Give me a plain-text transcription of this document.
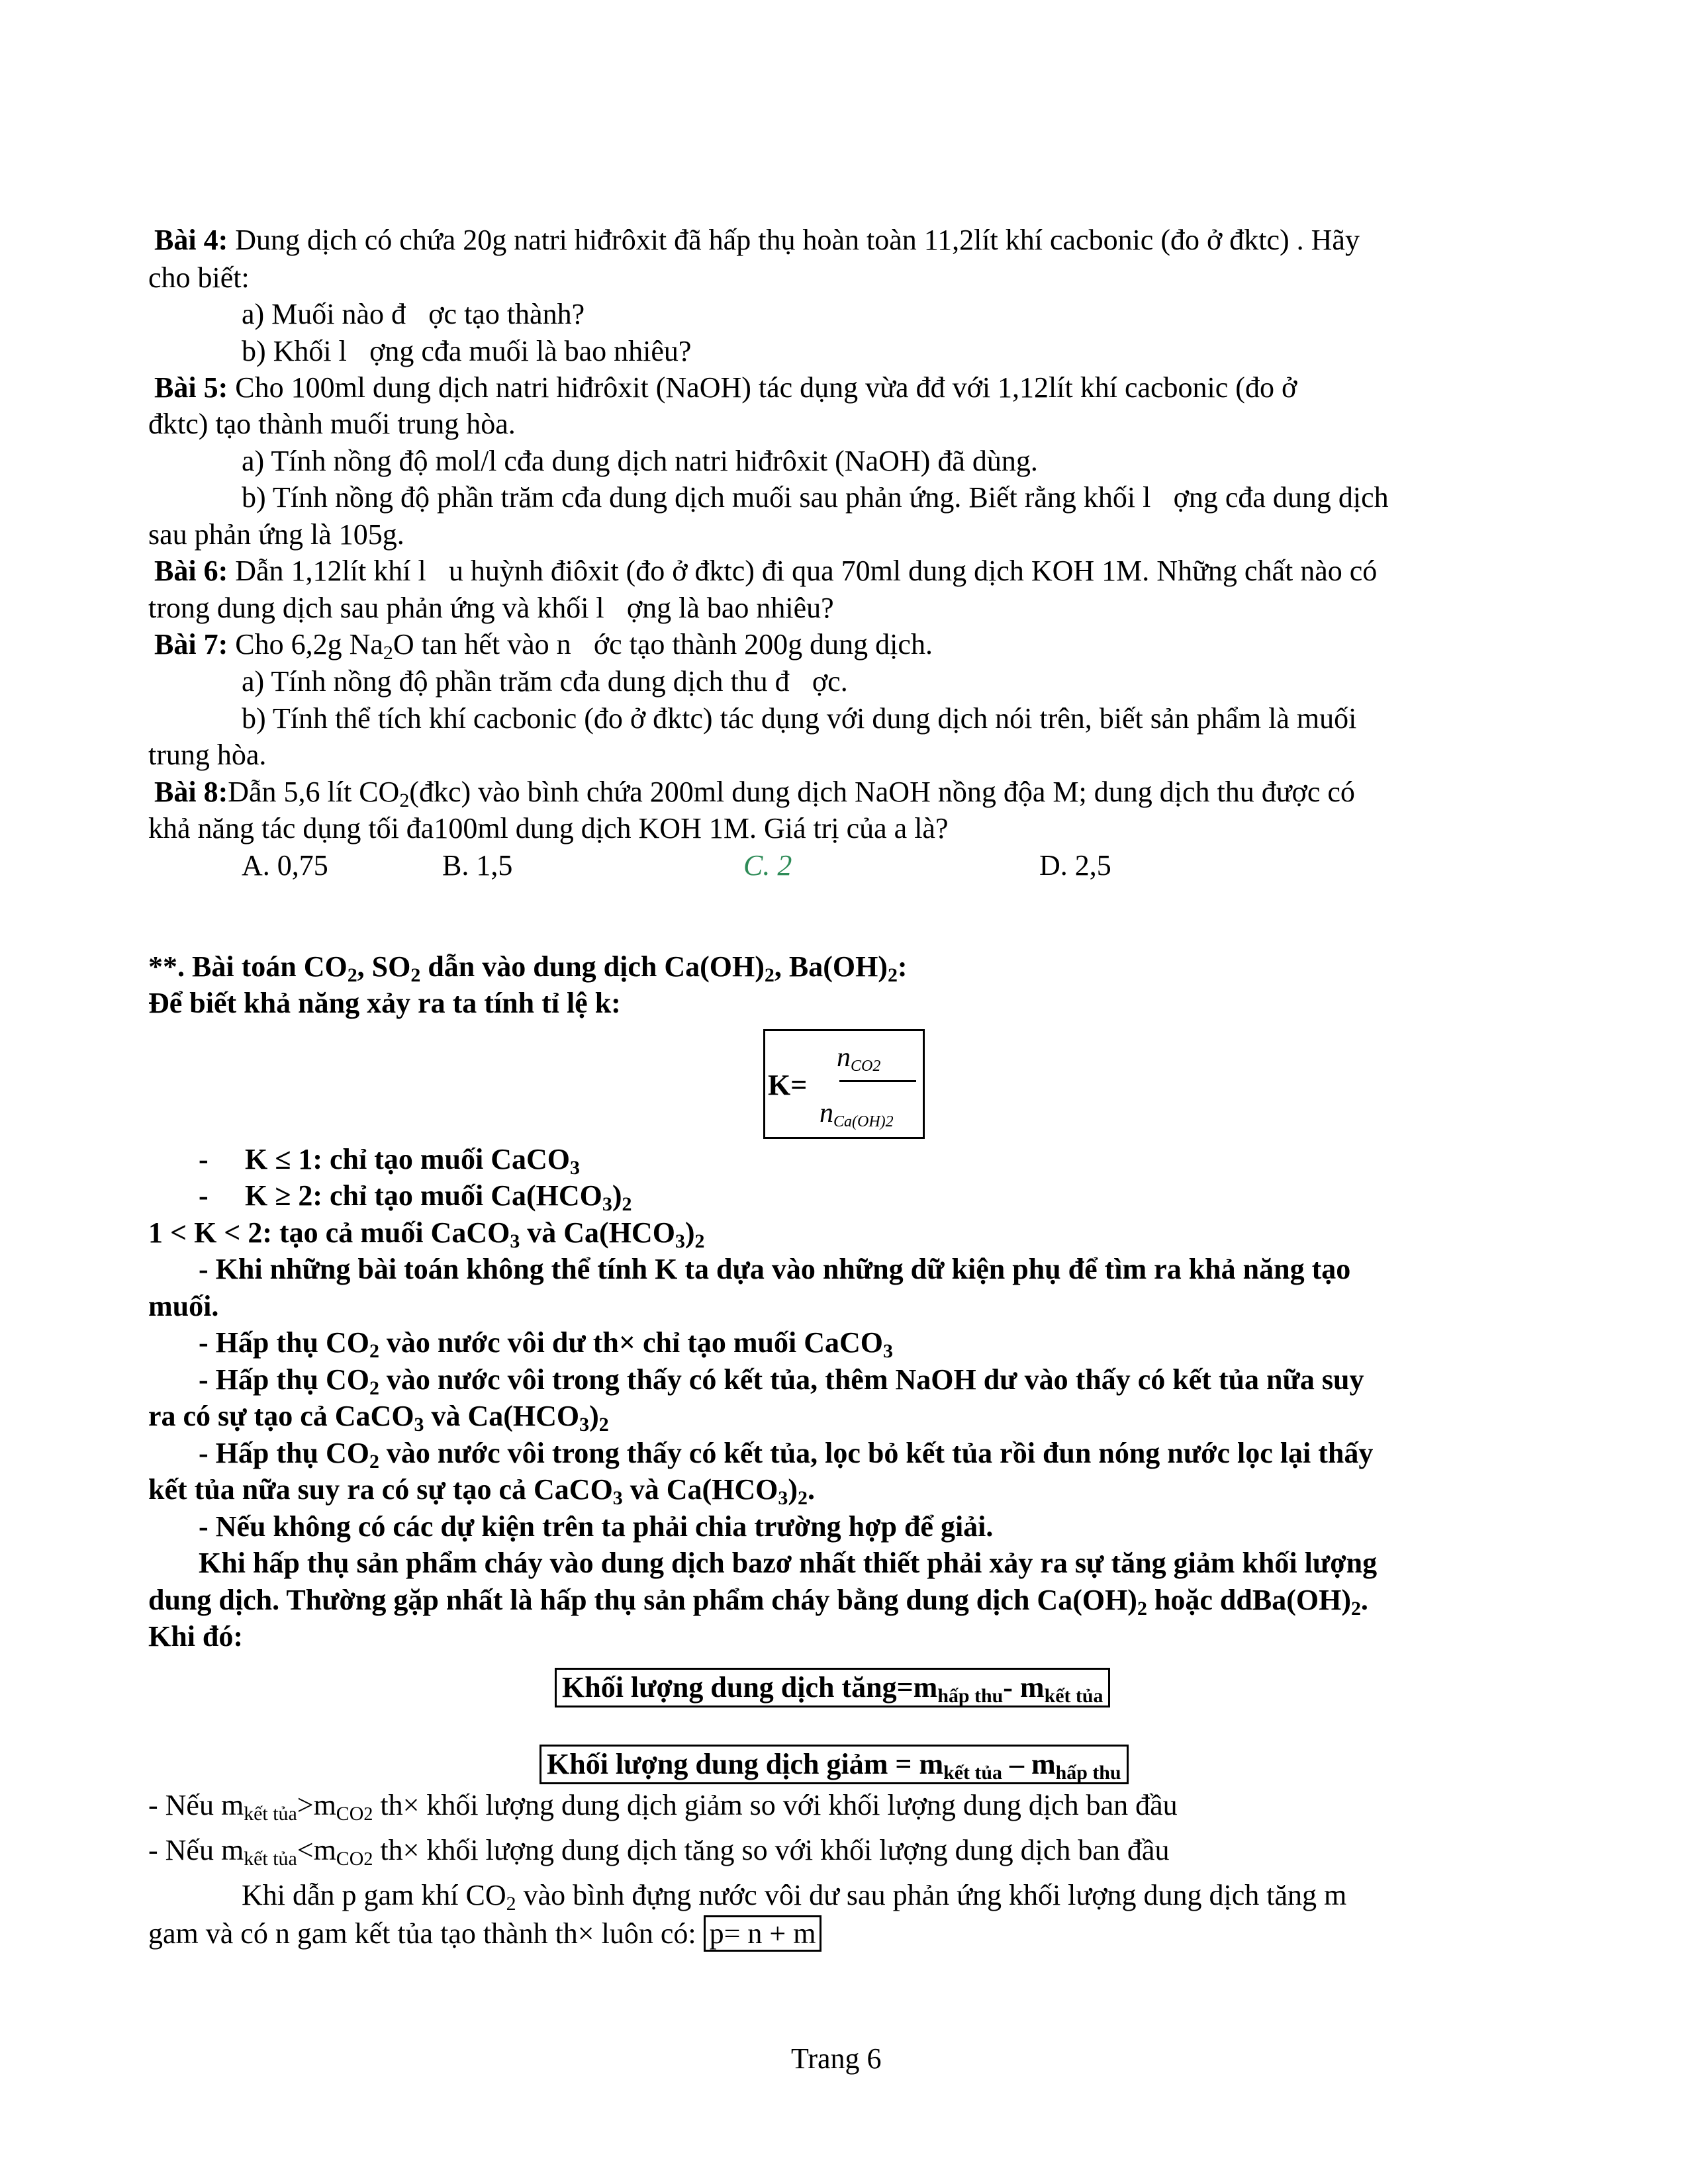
Bài 4: Dung dịch có chứa 20g natri hiđrôxit đã hấp thụ hoàn toàn 11,2lít khí cacbonic (đo ở đktc) . Hãy

cho biết:

a) Muối nào đ ợc tạo thành?

b) Khối l ợng cđa muối là bao nhiêu?

Bài 5: Cho 100ml dung dịch natri hiđrôxit (NaOH) tác dụng vừa đđ với 1,12lít khí cacbonic (đo ở

đktc) tạo thành muối trung hòa.

a) Tính nồng độ mol/l cđa dung dịch natri hiđrôxit (NaOH) đã dùng.

b) Tính nồng độ phần trăm cđa dung dịch muối sau phản ứng. Biết rằng khối l ợng cđa dung dịch

sau phản ứng là 105g.

Bài 6: Dẫn 1,12lít khí l u huỳnh điôxit (đo ở đktc) đi qua 70ml dung dịch KOH 1M. Những chất nào có

trong dung dịch sau phản ứng và khối l ợng là bao nhiêu?

Bài 7: Cho 6,2g $Na_2O$ tan hết vào n ớc tạo thành 200g dung dịch.

a) Tính nồng độ phần trăm cđa dung dịch thu đ ợc.

b) Tính thể tích khí cacbonic (đo ở đktc) tác dụng với dung dịch nói trên, biết sản phẩm là muối

trung hòa.

Bài 8:Dẫn 5,6 lít $CO_2(đkc)$ vào bình chứa 200ml dung dịch NaOH nồng độa M; dung dịch thu được có

khả năng tác dụng tối đa100ml dung dịch KOH 1M. Giá trị của a là?

A. 0,75	B. 1,5	C. 2	D. 2,5

**. Bài toán $CO_2$, $SO_2$ dẫn vào dung dịch $Ca(OH)_2$, $Ba(OH)_2$:

Để biết khả năng xảy ra ta tính tỉ lệ k:

K=
$n_{CO2}$
$n_{Ca(OH)2}$

- K ≤ 1: chỉ tạo muối CaCO$_3$

- K ≥ 2: chỉ tạo muối $Ca(HCO_3)_2$

1 < K < 2: tạo cả muối CaCO$_3$ và $Ca(HCO_3)_2$

- Khi những bài toán không thể tính K ta dựa vào những dữ kiện phụ để tìm ra khả năng tạo

muối.

- Hấp thụ $CO_2$ vào nước vôi dư th× chỉ tạo muối CaCO$_3$

- Hấp thụ $CO_2$ vào nước vôi trong thấy có kết tủa, thêm NaOH dư vào thấy có kết tủa nữa suy

ra có sự tạo cả CaCO$_3$ và $Ca(HCO_3)_2$

- Hấp thụ $CO_2$ vào nước vôi trong thấy có kết tủa, lọc bỏ kết tủa rồi đun nóng nước lọc lại thấy

kết tủa nữa suy ra có sự tạo cả CaCO$_3$ và $Ca(HCO_3)_2$.

- Nếu không có các dự kiện trên ta phải chia trường hợp để giải.

Khi hấp thụ sản phẩm cháy vào dung dịch bazơ nhất thiết phải xảy ra sự tăng giảm khối lượng

dung dịch. Thường gặp nhất là hấp thụ sản phẩm cháy bằng dung dịch $Ca(OH)_2$ hoặc $ddBa(OH)_2$.

Khi đó:

Khối lượng dung dịch $tăng=m_{hấp thu}-$ $m_{kết tủa}$
Khối lượng dung dịch giảm = $m_{kết tủa} - m_{hấp thu}$

- Nếu $m_{kết tủa}>m_{CO2}$ th× khối lượng dung dịch giảm so với khối lượng dung dịch ban đầu

- Nếu $m_{kết tủa}<m_{CO2}$ th× khối lượng dung dịch tăng so với khối lượng dung dịch ban đầu

Khi dẫn p gam khí $CO_2$ vào bình đựng nước vôi dư sau phản ứng khối lượng dung dịch tăng m

gam và có n gam kết tủa tạo thành th× luôn có: p= n + m

Trang 6
